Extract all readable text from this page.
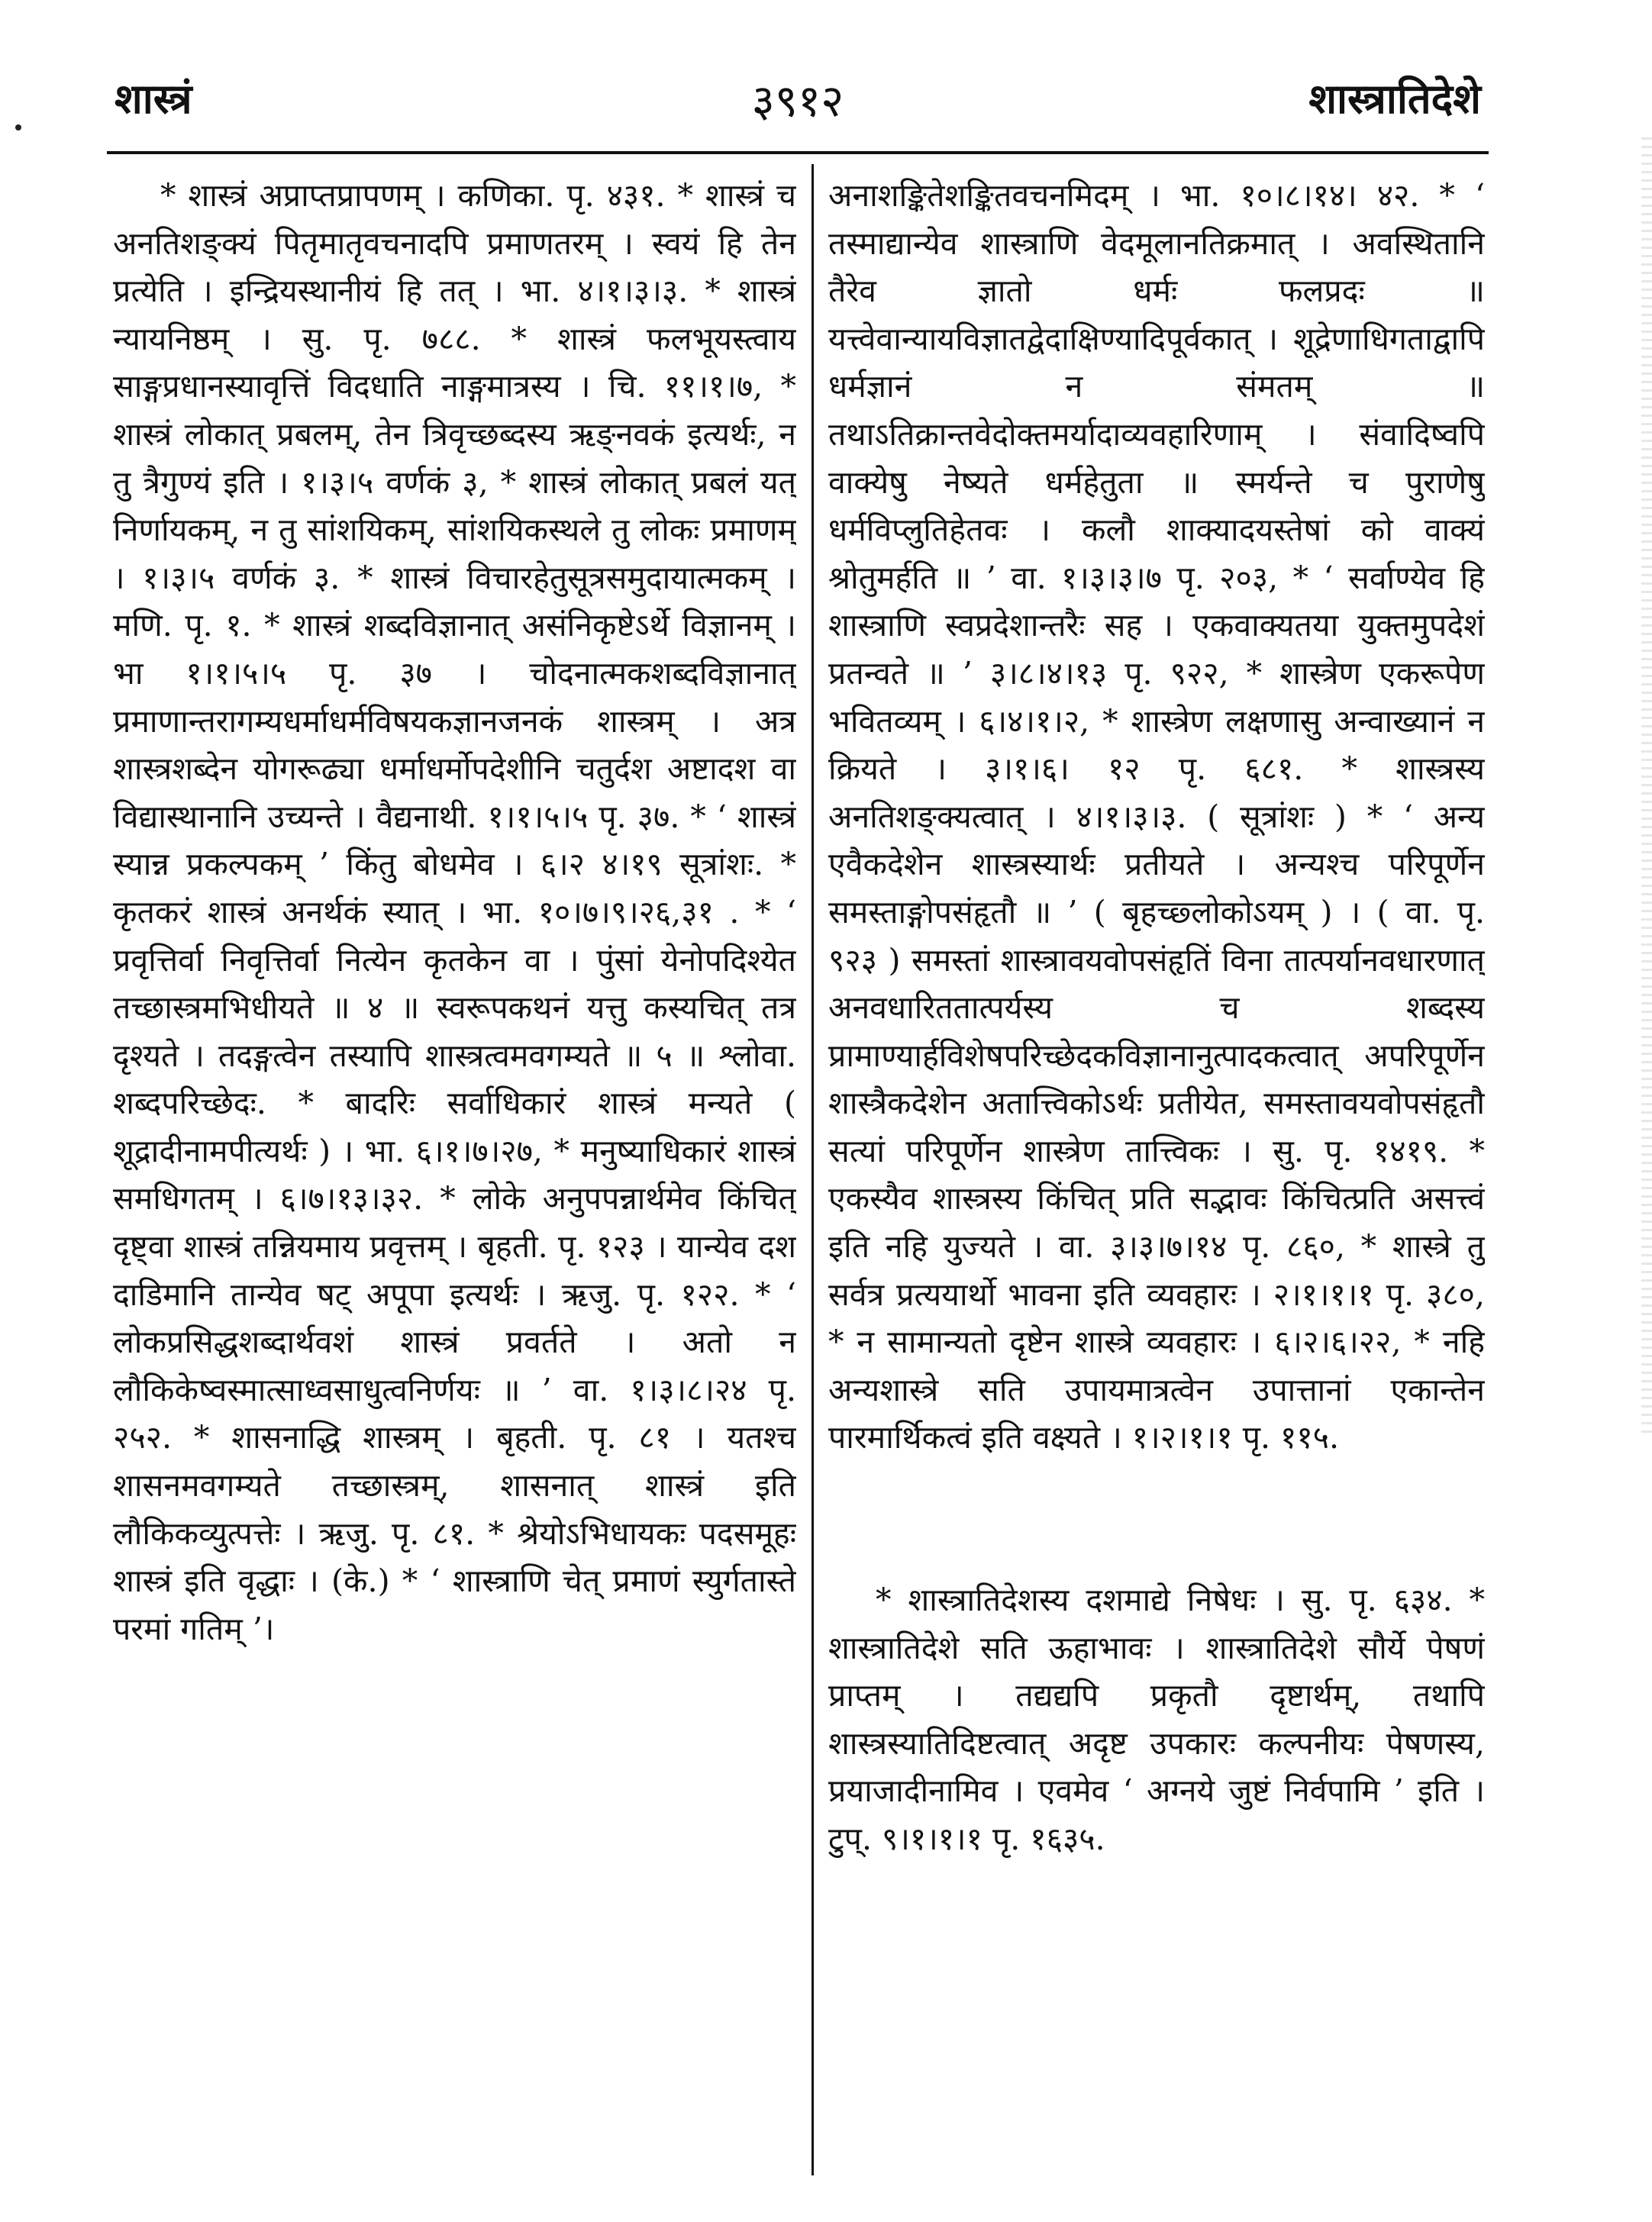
शास्त्रं	३९१२	शास्त्रातिदेशे

* शास्त्रं अप्राप्तप्रापणम् । कणिका. पृ. ४३१. * शास्त्रं च अनतिशङ्क्यं पितृमातृवचनादपि प्रमाणतरम् । स्वयं हि तेन प्रत्येति । इन्द्रियस्थानीयं हि तत् । भा. ४।१।३।३. * शास्त्रं न्यायनिष्ठम् । सु. पृ. ७८८. * शास्त्रं फलभूयस्त्वाय साङ्गप्रधानस्यावृत्तिं विदधाति नाङ्गमात्रस्य । चि. ११।१।७, * शास्त्रं लोकात् प्रबलम्, तेन त्रिवृच्छब्दस्य ऋङ्नवकं इत्यर्थः, न तु त्रैगुण्यं इति । १।३।५ वर्णकं ३, * शास्त्रं लोकात् प्रबलं यत् निर्णायकम्, न तु सांशयिकम्, सांशयिकस्थले तु लोकः प्रमाणम् । १।३।५ वर्णकं ३. * शास्त्रं विचारहेतुसूत्रसमुदायात्मकम् । मणि. पृ. १. * शास्त्रं शब्दविज्ञानात् असंनिकृष्टेऽर्थे विज्ञानम् । भा १।१।५।५ पृ. ३७ । चोदनात्मकशब्दविज्ञानात् प्रमाणान्तरागम्यधर्माधर्मविषयकज्ञानजनकं शास्त्रम् । अत्र शास्त्रशब्देन योगरूढ्या धर्माधर्मोपदेशीनि चतुर्दश अष्टादश वा विद्यास्थानानि उच्यन्ते । वैद्यनाथी. १।१।५।५ पृ. ३७. * ‘ शास्त्रं स्यान्न प्रकल्पकम् ’ किंतु बोधमेव । ६।२ ४।१९ सूत्रांशः. * कृतकरं शास्त्रं अनर्थकं स्यात् । भा. १०।७।९।२६,३१ . * ‘ प्रवृत्तिर्वा निवृत्तिर्वा नित्येन कृतकेन वा । पुंसां येनोपदिश्येत तच्छास्त्रमभिधीयते ॥ ४ ॥ स्वरूपकथनं यत्तु कस्यचित् तत्र दृश्यते । तदङ्गत्वेन तस्यापि शास्त्रत्वमवगम्यते ॥ ५ ॥ श्लोवा. शब्दपरिच्छेदः. * बादरिः सर्वाधिकारं शास्त्रं मन्यते ( शूद्रादीनामपीत्यर्थः ) । भा. ६।१।७।२७, * मनुष्याधिकारं शास्त्रं समधिगतम् । ६।७।१३।३२. * लोके अनुपपन्नार्थमेव किंचित् दृष्ट्वा शास्त्रं तन्नियमाय प्रवृत्तम् । बृहती. पृ. १२३ । यान्येव दश दाडिमानि तान्येव षट् अपूपा इत्यर्थः । ऋजु. पृ. १२२. * ‘ लोकप्रसिद्धशब्दार्थवशं शास्त्रं प्रवर्तते । अतो न लौकिकेष्वस्मात्साध्वसाधुत्वनिर्णयः ॥ ’ वा. १।३।८।२४ पृ. २५२. * शासनाद्धि शास्त्रम् । बृहती. पृ. ८१ । यतश्च शासनमवगम्यते तच्छास्त्रम्, शासनात् शास्त्रं इति लौकिकव्युत्पत्तेः । ऋजु. पृ. ८१. * श्रेयोऽभिधायकः पदसमूहः शास्त्रं इति वृद्धाः । (के.) * ‘ शास्त्राणि चेत् प्रमाणं स्युर्गतास्ते परमां गतिम् ’।

अनाशङ्कितेशङ्कितवचनमिदम् । भा. १०।८।१४। ४२. * ‘ तस्माद्यान्येव शास्त्राणि वेदमूलानतिक्रमात् । अवस्थितानि तैरेव ज्ञातो धर्मः फलप्रदः ॥ यत्त्वेवान्यायविज्ञातद्वेदाक्षिण्यादिपूर्वकात् । शूद्रेणाधिगताद्वापि धर्मज्ञानं न संमतम् ॥ तथाऽतिक्रान्तवेदोक्तमर्यादाव्यवहारिणाम् । संवादिष्वपि वाक्येषु नेष्यते धर्महेतुता ॥ स्मर्यन्ते च पुराणेषु धर्मविप्लुतिहेतवः । कलौ शाक्यादयस्तेषां को वाक्यं श्रोतुमर्हति ॥ ’ वा. १।३।३।७ पृ. २०३, * ‘ सर्वाण्येव हि शास्त्राणि स्वप्रदेशान्तरैः सह । एकवाक्यतया युक्तमुपदेशं प्रतन्वते ॥ ’ ३।८।४।१३ पृ. ९२२, * शास्त्रेण एकरूपेण भवितव्यम् । ६।४।१।२, * शास्त्रेण लक्षणासु अन्वाख्यानं न क्रियते । ३।१।६। १२ पृ. ६८१. * शास्त्रस्य अनतिशङ्क्यत्वात् । ४।१।३।३. ( सूत्रांशः ) * ‘ अन्य एवैकदेशेन शास्त्रस्यार्थः प्रतीयते । अन्यश्च परिपूर्णेन समस्ताङ्गोपसंहृतौ ॥ ’ ( बृहच्छ्लोकोऽयम् ) । ( वा. पृ. ९२३ ) समस्तां शास्त्रावयवोपसंहृतिं विना तात्पर्यानवधारणात् अनवधारिततात्पर्यस्य च शब्दस्य प्रामाण्यार्हविशेषपरिच्छेदकविज्ञानानुत्पादकत्वात् अपरिपूर्णेन शास्त्रैकदेशेन अतात्त्विकोऽर्थः प्रतीयेत, समस्तावयवोपसंहृतौ सत्यां परिपूर्णेन शास्त्रेण तात्त्विकः । सु. पृ. १४१९. * एकस्यैव शास्त्रस्य किंचित् प्रति सद्भावः किंचित्प्रति असत्त्वं इति नहि युज्यते । वा. ३।३।७।१४ पृ. ८६०, * शास्त्रे तु सर्वत्र प्रत्ययार्थो भावना इति व्यवहारः । २।१।१।१ पृ. ३८०, * न सामान्यतो दृष्टेन शास्त्रे व्यवहारः । ६।२।६।२२, * नहि अन्यशास्त्रे सति उपायमात्रत्वेन उपात्तानां एकान्तेन पारमार्थिकत्वं इति वक्ष्यते । १।२।१।१ पृ. ११५.

* शास्त्रातिदेशस्य दशमाद्ये निषेधः । सु. पृ. ६३४. * शास्त्रातिदेशे सति ऊहाभावः । शास्त्रातिदेशे सौर्ये पेषणं प्राप्तम् । तद्यद्यपि प्रकृतौ दृष्टार्थम्, तथापि शास्त्रस्यातिदिष्टत्वात् अदृष्ट उपकारः कल्पनीयः पेषणस्य, प्रयाजादीनामिव । एवमेव ‘ अग्नये जुष्टं निर्वपामि ’ इति । टुप्. ९।१।१।१ पृ. १६३५.
